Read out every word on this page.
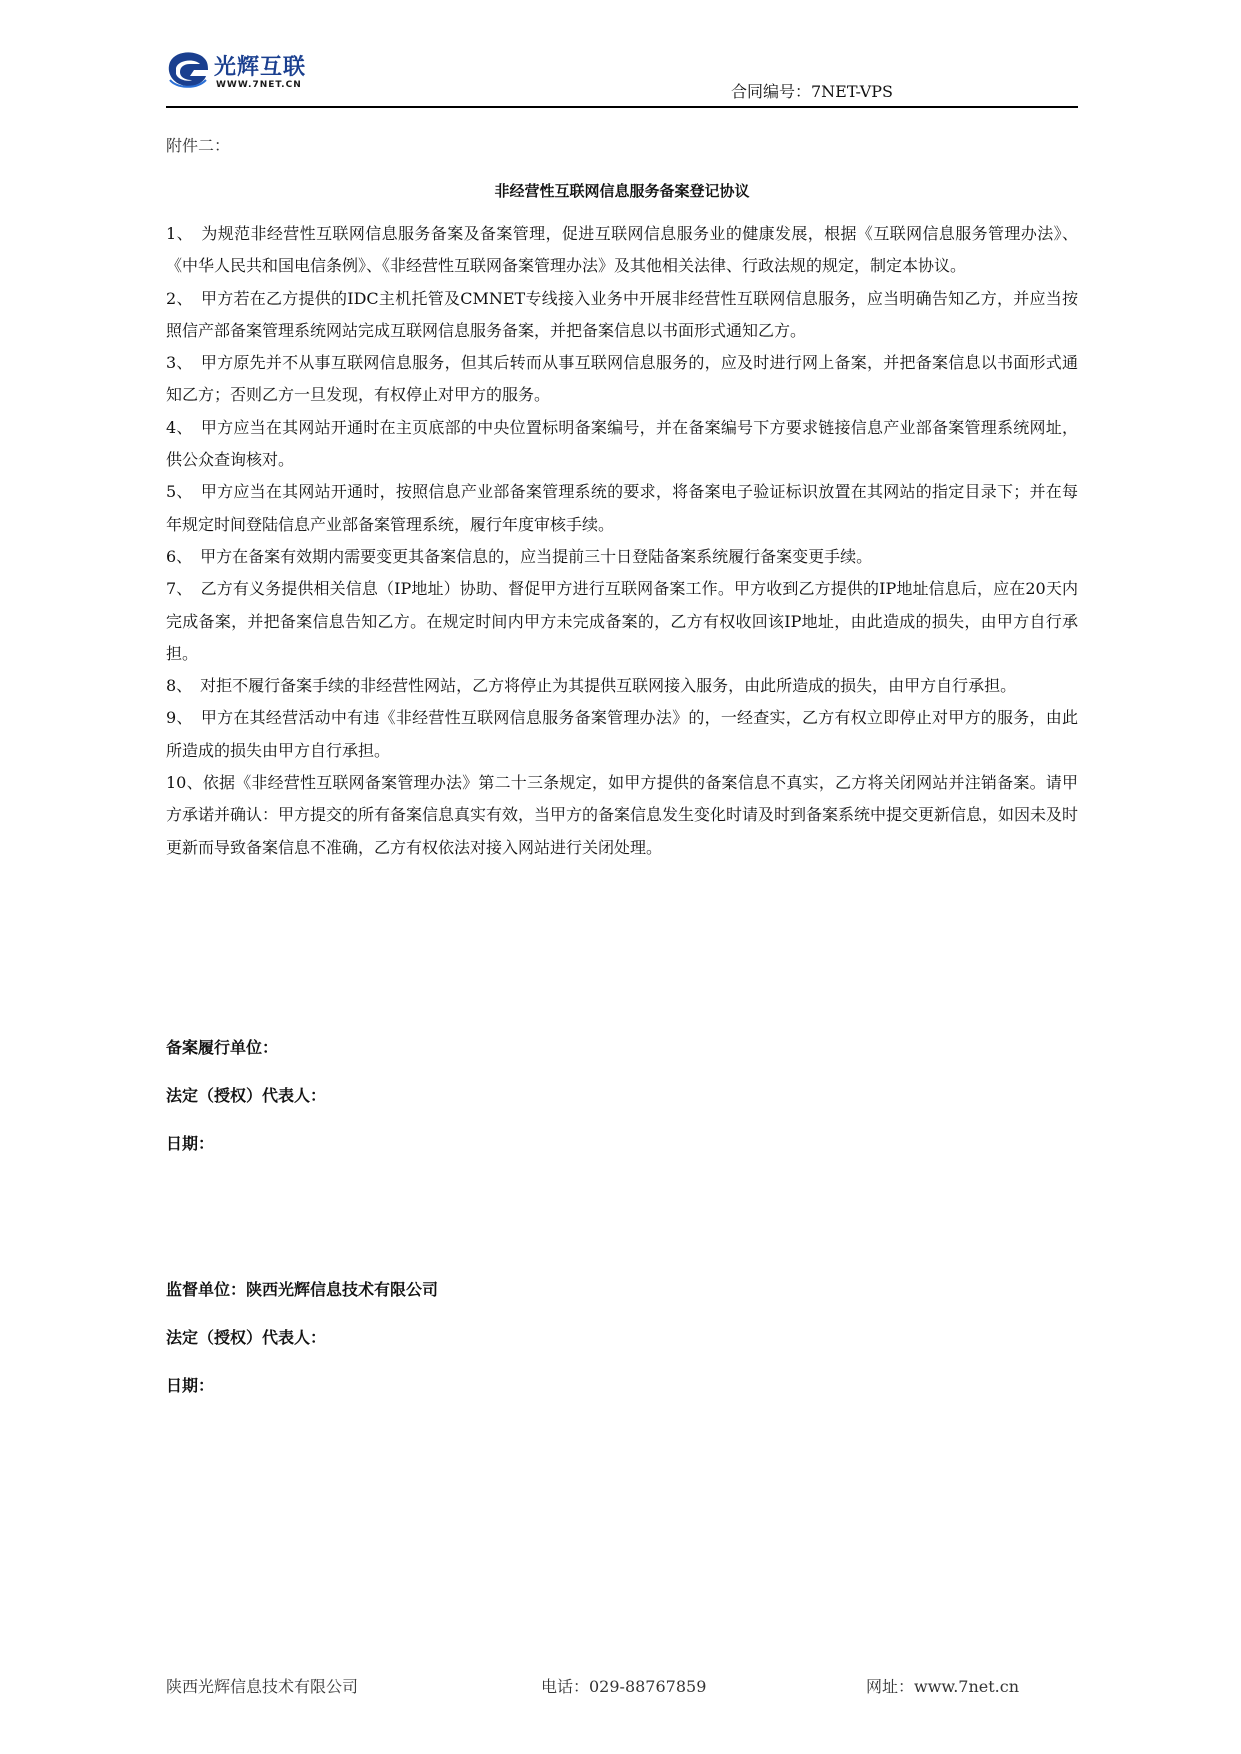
光辉互联
WWW.7NET.CN	合同编号：7NET-VPS
附件二：
非经营性互联网信息服务备案登记协议

1、　为规范非经营性互联网信息服务备案及备案管理，促进互联网信息服务业的健康发展，根据《互联网信息服务管理办法》、《中华人民共和国电信条例》、《非经营性互联网备案管理办法》及其他相关法律、行政法规的规定，制定本协议。

2、　甲方若在乙方提供的IDC主机托管及CMNET专线接入业务中开展非经营性互联网信息服务，应当明确告知乙方，并应当按照信产部备案管理系统网站完成互联网信息服务备案，并把备案信息以书面形式通知乙方。

3、　甲方原先并不从事互联网信息服务，但其后转而从事互联网信息服务的，应及时进行网上备案，并把备案信息以书面形式通知乙方；否则乙方一旦发现，有权停止对甲方的服务。

4、　甲方应当在其网站开通时在主页底部的中央位置标明备案编号，并在备案编号下方要求链接信息产业部备案管理系统网址，供公众查询核对。

5、　甲方应当在其网站开通时，按照信息产业部备案管理系统的要求，将备案电子验证标识放置在其网站的指定目录下；并在每年规定时间登陆信息产业部备案管理系统，履行年度审核手续。

6、　甲方在备案有效期内需要变更其备案信息的，应当提前三十日登陆备案系统履行备案变更手续。

7、　乙方有义务提供相关信息（IP地址）协助、督促甲方进行互联网备案工作。甲方收到乙方提供的IP地址信息后，应在20天内完成备案，并把备案信息告知乙方。在规定时间内甲方未完成备案的，乙方有权收回该IP地址，由此造成的损失，由甲方自行承担。

8、　对拒不履行备案手续的非经营性网站，乙方将停止为其提供互联网接入服务，由此所造成的损失，由甲方自行承担。

9、　甲方在其经营活动中有违《非经营性互联网信息服务备案管理办法》的，一经查实，乙方有权立即停止对甲方的服务，由此所造成的损失由甲方自行承担。

10、依据《非经营性互联网备案管理办法》第二十三条规定，如甲方提供的备案信息不真实，乙方将关闭网站并注销备案。请甲方承诺并确认：甲方提交的所有备案信息真实有效，当甲方的备案信息发生变化时请及时到备案系统中提交更新信息，如因未及时更新而导致备案信息不准确，乙方有权依法对接入网站进行关闭处理。

备案履行单位：
法定（授权）代表人：
日期：
监督单位：陕西光辉信息技术有限公司
法定（授权）代表人：
日期：
陕西光辉信息技术有限公司	电话：029-88767859	网址：www.7net.cn
